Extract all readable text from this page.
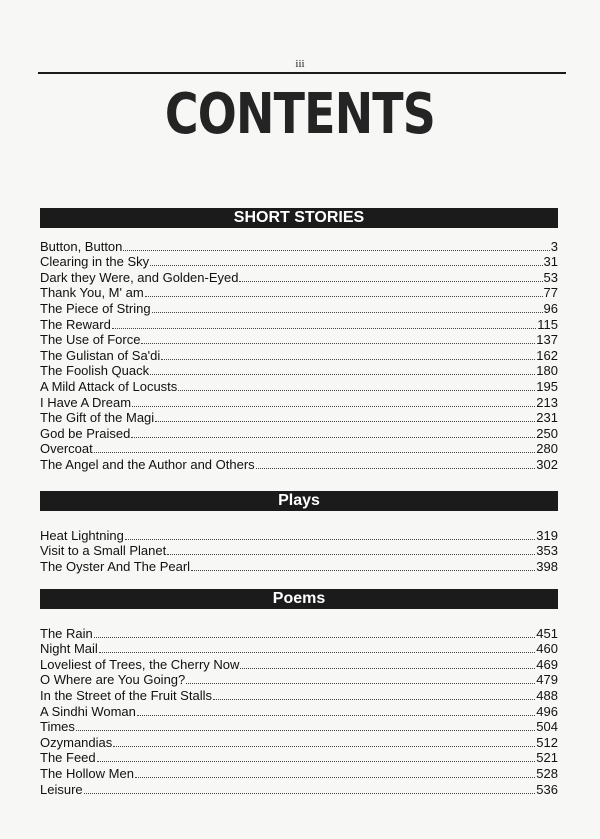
iii
CONTENTS
SHORT STORIES
Button, Button	3
Clearing in the Sky	31
Dark they Were, and Golden-Eyed	53
Thank You, M' am	77
The Piece of String	96
The Reward	115
The Use of Force	137
The Gulistan of Sa'di	162
The Foolish Quack	180
A Mild Attack of Locusts	195
I Have A Dream	213
The Gift of the Magi	231
God be Praised	250
Overcoat	280
The Angel and the Author and Others	302
Plays
Heat Lightning	319
Visit to a Small Planet	353
The Oyster And The Pearl	398
Poems
The Rain	451
Night Mail	460
Loveliest of Trees, the Cherry Now	469
O Where are You Going?	479
In the Street of the Fruit Stalls	488
A Sindhi Woman	496
Times	504
Ozymandias	512
The Feed	521
The Hollow Men	528
Leisure	536
